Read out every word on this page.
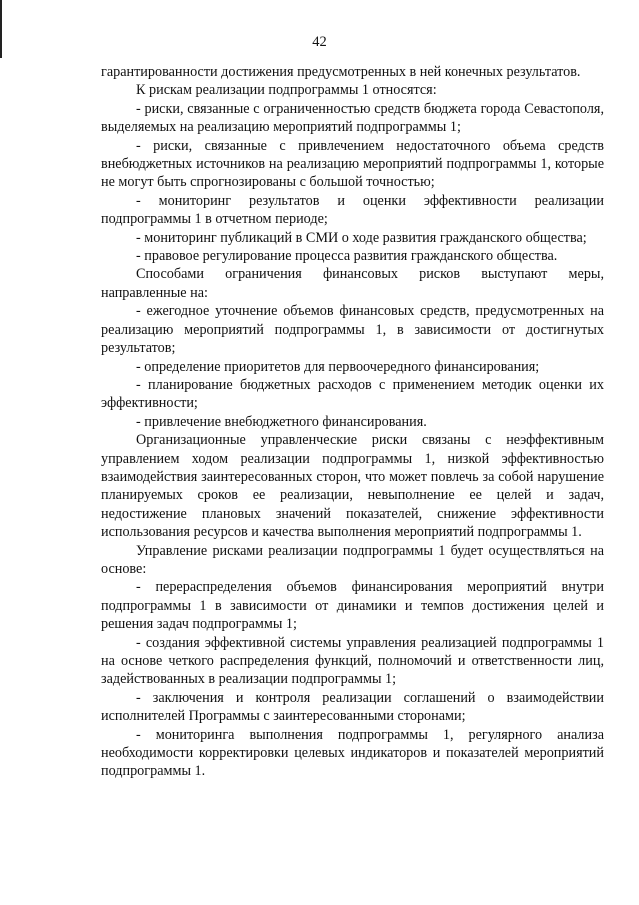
42

гарантированности достижения предусмотренных в ней конечных результатов.

К рискам реализации подпрограммы 1 относятся:

- риски, связанные с ограниченностью средств бюджета города Севастополя, выделяемых на реализацию мероприятий подпрограммы 1;

- риски, связанные с привлечением недостаточного объема средств внебюджетных источников на реализацию мероприятий подпрограммы 1, которые не могут быть спрогнозированы с большой точностью;

- мониторинг результатов и оценки эффективности реализации подпрограммы 1 в отчетном периоде;

- мониторинг публикаций в СМИ о ходе развития гражданского общества;

- правовое регулирование процесса развития гражданского общества.

Способами ограничения финансовых рисков выступают меры, направленные на:

- ежегодное уточнение объемов финансовых средств, предусмотренных на реализацию мероприятий подпрограммы 1, в зависимости от достигнутых результатов;

- определение приоритетов для первоочередного финансирования;

- планирование бюджетных расходов с применением методик оценки их эффективности;

- привлечение внебюджетного финансирования.

Организационные управленческие риски связаны с неэффективным управлением ходом реализации подпрограммы 1, низкой эффективностью взаимодействия заинтересованных сторон, что может повлечь за собой нарушение планируемых сроков ее реализации, невыполнение ее целей и задач, недостижение плановых значений показателей, снижение эффективности использования ресурсов и качества выполнения мероприятий подпрограммы 1.

Управление рисками реализации подпрограммы 1 будет осуществляться на основе:

- перераспределения объемов финансирования мероприятий внутри подпрограммы 1 в зависимости от динамики и темпов достижения целей и решения задач подпрограммы 1;

- создания эффективной системы управления реализацией подпрограммы 1 на основе четкого распределения функций, полномочий и ответственности лиц, задействованных в реализации подпрограммы 1;

- заключения и контроля реализации соглашений о взаимодействии исполнителей Программы с заинтересованными сторонами;

- мониторинга выполнения подпрограммы 1, регулярного анализа необходимости корректировки целевых индикаторов и показателей мероприятий подпрограммы 1.
